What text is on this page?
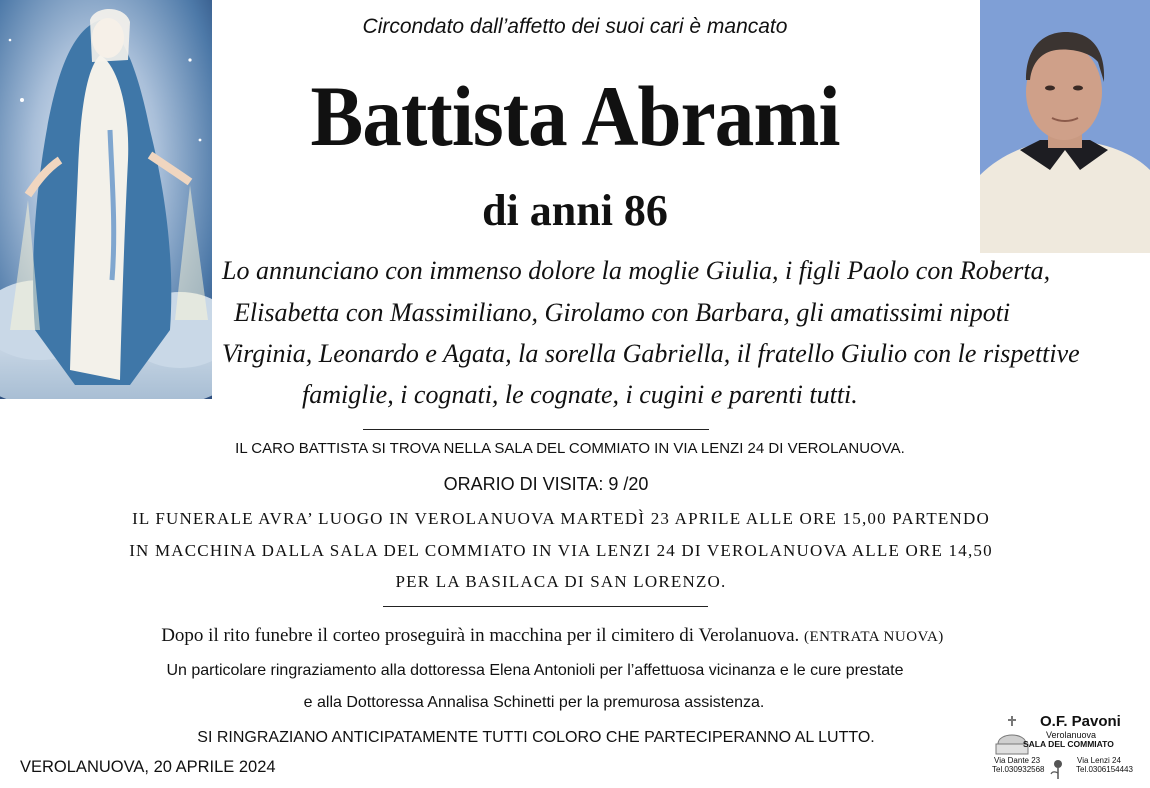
Circondato dall’affetto dei suoi cari è mancato
Battista Abrami
di anni 86
Lo annunciano con immenso dolore la moglie Giulia, i figli Paolo con Roberta,
Elisabetta con Massimiliano, Girolamo con Barbara, gli amatissimi nipoti
Virginia, Leonardo e Agata, la sorella Gabriella, il fratello Giulio con le rispettive
famiglie, i cognati, le cognate, i cugini e parenti tutti.
IL CARO BATTISTA SI TROVA NELLA SALA DEL COMMIATO IN VIA LENZI 24 DI VEROLANUOVA.
ORARIO DI VISITA: 9 /20
IL FUNERALE AVRA’ LUOGO IN VEROLANUOVA MARTEDÌ 23 APRILE ALLE ORE 15,00 PARTENDO
IN MACCHINA DALLA SALA DEL COMMIATO IN VIA LENZI 24 DI VEROLANUOVA ALLE ORE 14,50
PER LA BASILACA DI SAN LORENZO.
Dopo il rito funebre il corteo proseguirà in macchina per il cimitero di Verolanuova. (ENTRATA NUOVA)
Un particolare ringraziamento alla dottoressa Elena Antonioli per l’affettuosa vicinanza e le cure prestate
e alla Dottoressa Annalisa Schinetti per la premurosa assistenza.
SI RINGRAZIANO ANTICIPATAMENTE TUTTI COLORO CHE PARTECIPERANNO AL LUTTO.
VEROLANUOVA, 20 APRILE 2024
O.F. Pavoni
Verolanuova
SALA DEL COMMIATO
Via Dante 23
Tel.030932568
Via Lenzi 24
Tel.0306154443
